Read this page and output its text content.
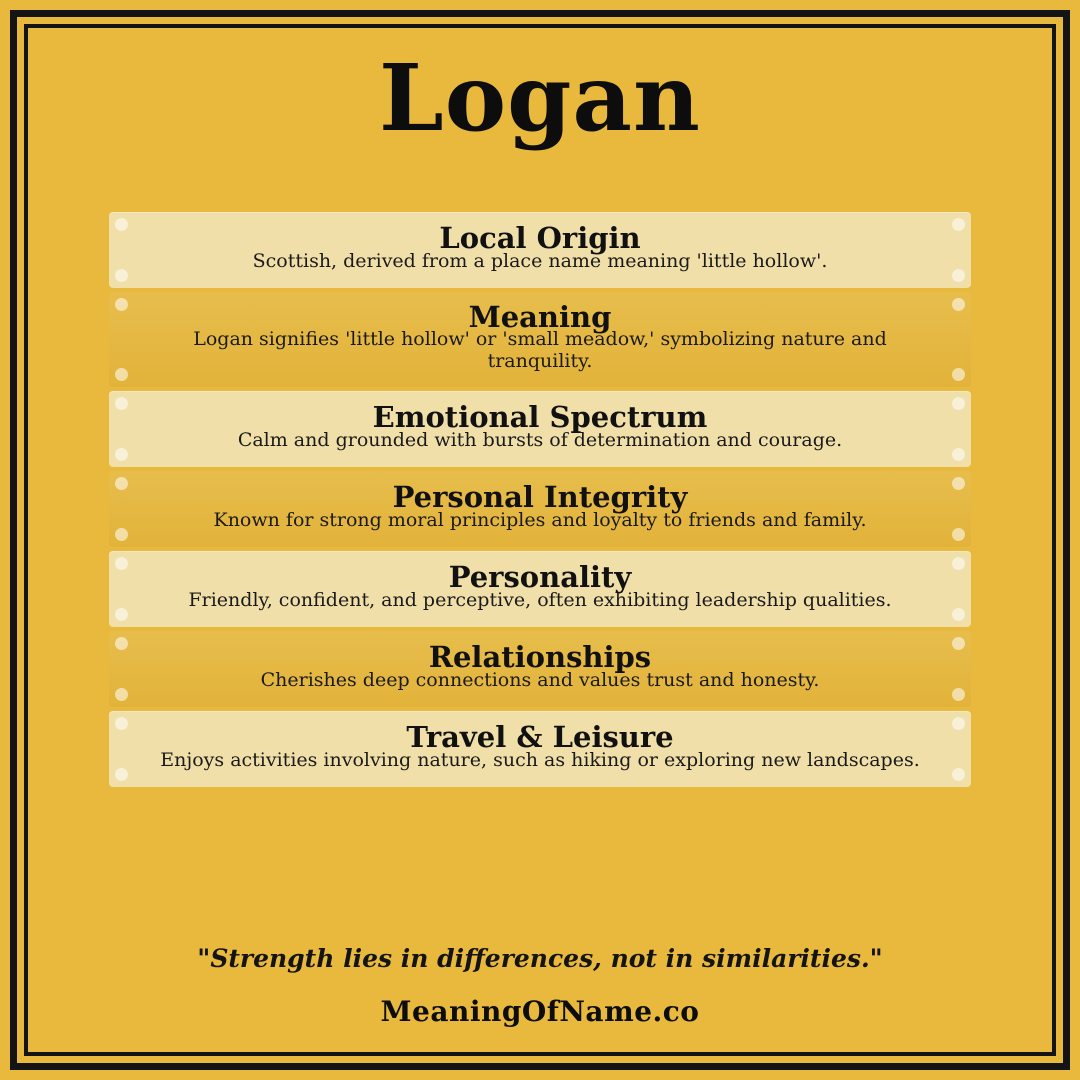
Logan
Local Origin
Scottish, derived from a place name meaning 'little hollow'.
Meaning
Logan signifies 'little hollow' or 'small meadow,' symbolizing nature and tranquility.
Emotional Spectrum
Calm and grounded with bursts of determination and courage.
Personal Integrity
Known for strong moral principles and loyalty to friends and family.
Personality
Friendly, confident, and perceptive, often exhibiting leadership qualities.
Relationships
Cherishes deep connections and values trust and honesty.
Travel & Leisure
Enjoys activities involving nature, such as hiking or exploring new landscapes.
"Strength lies in differences, not in similarities."
MeaningOfName.co
